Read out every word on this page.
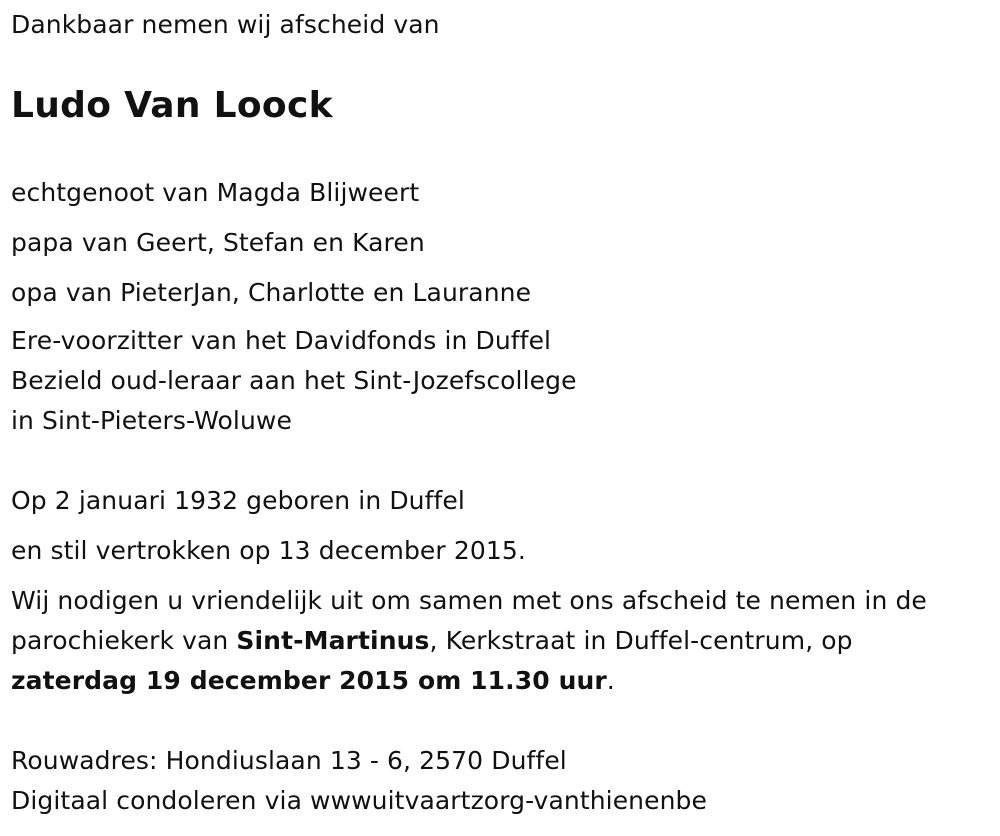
Dankbaar nemen wij afscheid van
Ludo Van Loock
echtgenoot van Magda Blijweert
papa van Geert, Stefan en Karen
opa van PieterJan, Charlotte en Lauranne
Ere-voorzitter van het Davidfonds in Duffel
Bezield oud-leraar aan het Sint-Jozefscollege
in Sint-Pieters-Woluwe
Op 2 januari 1932 geboren in Duffel
en stil vertrokken op 13 december 2015.
Wij nodigen u vriendelijk uit om samen met ons afscheid te nemen in de
parochiekerk van Sint-Martinus, Kerkstraat in Duffel-centrum, op
zaterdag 19 december 2015 om 11.30 uur.
Rouwadres: Hondiuslaan 13 - 6, 2570 Duffel
Digitaal condoleren via wwwuitvaartzorg-vanthienenbe
